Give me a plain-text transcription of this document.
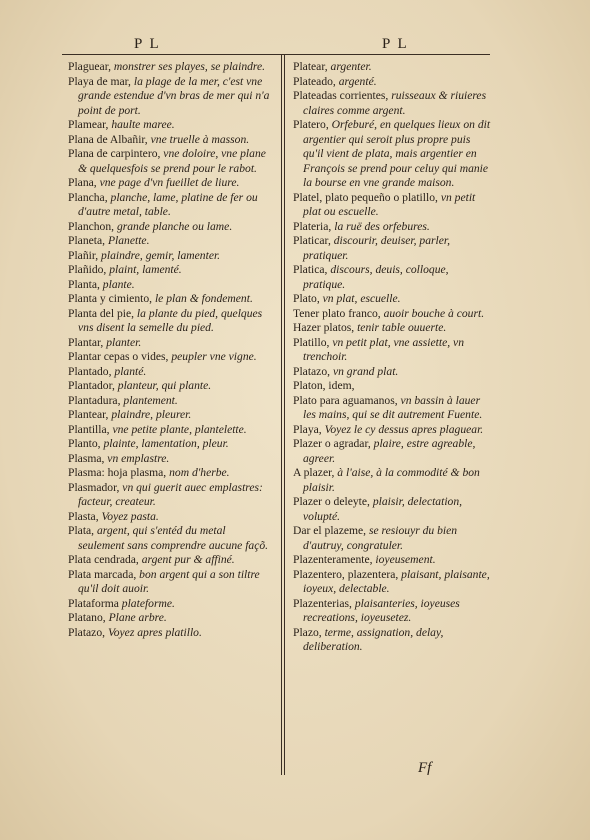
P L	P L

Plaguear, monstrer ses playes, se plaindre.

Playa de mar, la plage de la mer, c'est vne grande estendue d'vn bras de mer qui n'a point de port.

Plamear, haulte maree.

Plana de Albañir, vne truelle à masson.

Plana de carpintero, vne doloire, vne plane & quelquesfois se prend pour le rabot.

Plana, vne page d'vn fueillet de liure.

Plancha, planche, lame, platine de fer ou d'autre metal, table.

Planchon, grande planche ou lame.

Planeta, Planette.

Plañir, plaindre, gemir, lamenter.

Plañido, plaint, lamenté.

Planta, plante.

Planta y cimiento, le plan & fondement.

Planta del pie, la plante du pied, quelques vns disent la semelle du pied.

Plantar, planter.

Plantar cepas o vides, peupler vne vigne.

Plantado, planté.

Plantador, planteur, qui plante.

Plantadura, plantement.

Plantear, plaindre, pleurer.

Plantilla, vne petite plante, plantelette.

Planto, plainte, lamentation, pleur.

Plasma, vn emplastre.

Plasma: hoja plasma, nom d'herbe.

Plasmador, vn qui guerit auec emplastres: facteur, createur.

Plasta, Voyez pasta.

Plata, argent, qui s'entéd du metal seulement sans comprendre aucune façõ.

Plata cendrada, argent pur & affiné.

Plata marcada, bon argent qui a son tiltre qu'il doit auoir.

Plataforma plateforme.

Platano, Plane arbre.

Platazo, Voyez apres platillo.

Platear, argenter.

Plateado, argenté.

Plateadas corrientes, ruisseaux & riuieres claires comme argent.

Platero, Orfeburé, en quelques lieux on dit argentier qui seroit plus propre puis qu'il vient de plata, mais argentier en François se prend pour celuy qui manie la bourse en vne grande maison.

Platel, plato pequeño o platillo, vn petit plat ou escuelle.

Plateria, la ruë des orfebures.

Platicar, discourir, deuiser, parler, pratiquer.

Platica, discours, deuis, colloque, pratique.

Plato, vn plat, escuelle.

Tener plato franco, auoir bouche à court.

Hazer platos, tenir table ouuerte.

Platillo, vn petit plat, vne assiette, vn trenchoir.

Platazo, vn grand plat.

Platon, idem,

Plato para aguamanos, vn bassin à lauer les mains, qui se dit autrement Fuente.

Playa, Voyez le cy dessus apres plaguear.

Plazer o agradar, plaire, estre agreable, agreer.

A plazer, à l'aise, à la commodité & bon plaisir.

Plazer o deleyte, plaisir, delectation, volupté.

Dar el plazeme, se resiouyr du bien d'autruy, congratuler.

Plazenteramente, ioyeusement.

Plazentero, plazentera, plaisant, plaisante, ioyeux, delectable.

Plazenterias, plaisanteries, ioyeuses recreations, ioyeusetez.

Plazo, terme, assignation, delay, deliberation.

Ff
